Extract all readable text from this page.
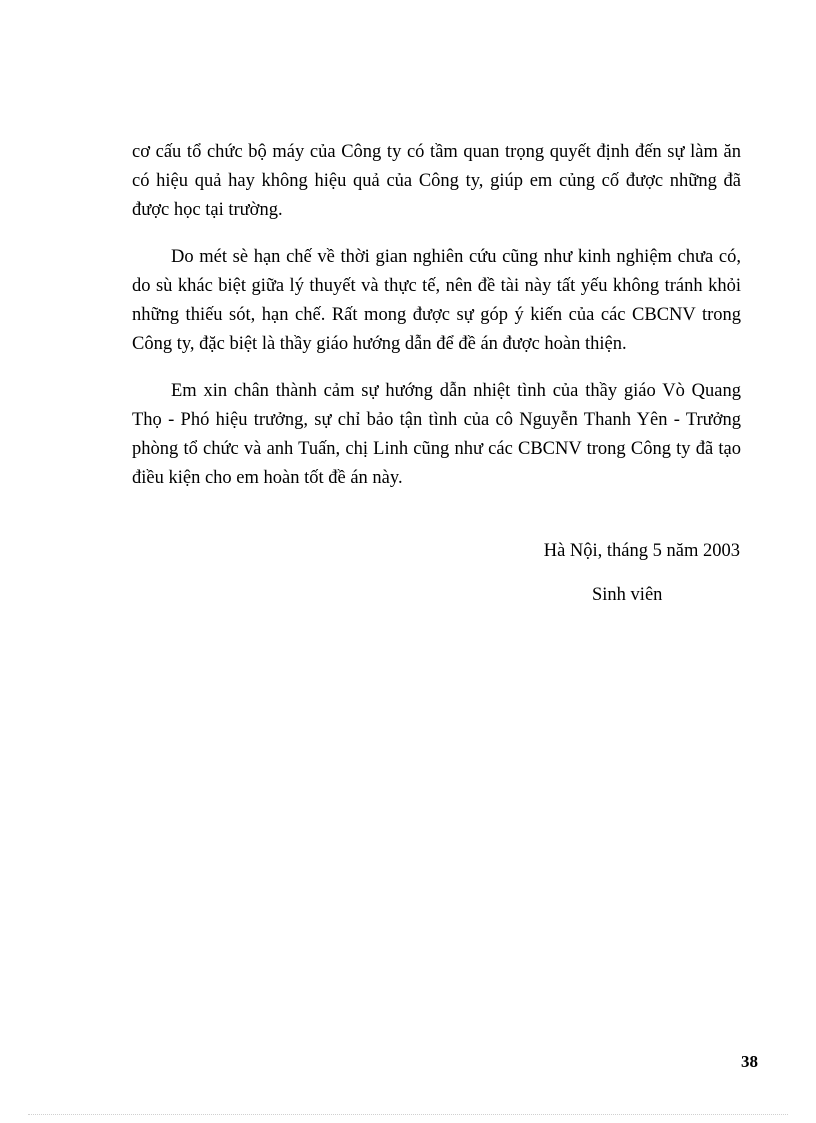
cơ cấu tổ chức bộ máy của Công ty có tầm quan trọng quyết định đến sự làm ăn có hiệu quả hay không hiệu quả của Công ty, giúp em củng cố được những đã được học tại trường.

Do mét sè hạn chế về thời gian nghiên cứu cũng như kinh nghiệm chưa có, do sù khác biệt giữa lý thuyết và thực tế, nên đề tài này tất yếu không tránh khỏi những thiếu sót, hạn chế. Rất mong được sự góp ý kiến của các CBCNV trong Công ty, đặc biệt là thầy giáo hướng dẫn để đề án được hoàn thiện.

Em xin chân thành cảm sự hướng dẫn nhiệt tình của thầy giáo Vò Quang Thọ - Phó hiệu trưởng, sự chỉ bảo tận tình của cô Nguyễn Thanh Yên - Trưởng phòng tổ chức và anh Tuấn, chị Linh cũng như các CBCNV trong Công ty đã tạo điều kiện cho em hoàn tốt đề án này.

Hà Nội, tháng 5 năm 2003
Sinh viên
38
